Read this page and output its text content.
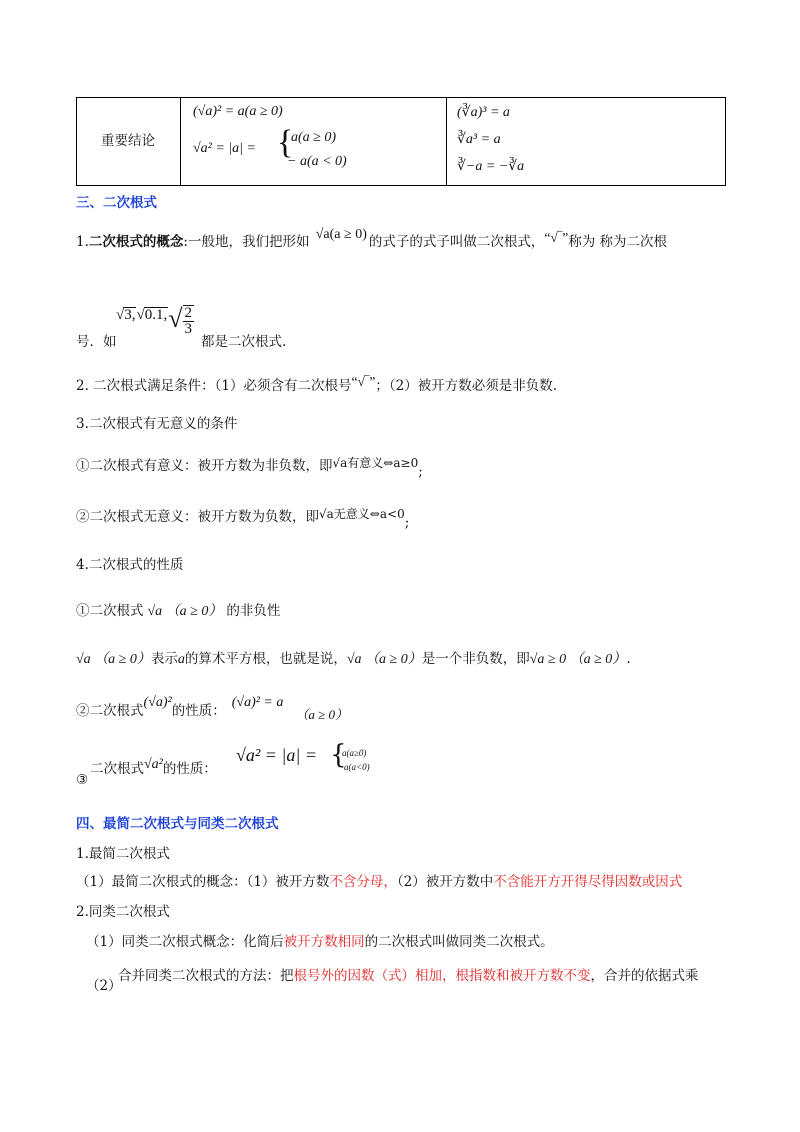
重要结论

(√a)² = a(a ≥ 0)
√a² = |a| = {
a(a ≥ 0)
− a(a < 0)

(∛a)³ = a
∛a³ = a
∛−a = −∛a
三、二次根式
1.二次根式的概念:一般地，我们把形如 √a(a ≥ 0) 的式子的式子叫做二次根式，“√‾”称为 称为二次根
号．如
$√3,√0.1,√ \frac{2}{3}$
都是二次根式.
2. 二次根式满足条件：（1）必须含有二次根号“√‾”；（2）被开方数必须是非负数.
3.二次根式有无意义的条件
①二次根式有意义：被开方数为非负数，即√a有意义⇔a≥0;
②二次根式无意义：被开方数为负数，即√a无意义⇔a<0;
4.二次根式的性质
①二次根式 √a （a ≥ 0） 的非负性
√a （a ≥ 0）表示a的算术平方根，也就是说，√a （a ≥ 0）是一个非负数，即√a ≥ 0 （a ≥ 0）.
②二次根式(√a)²的性质：(√a)² = a（a ≥ 0）
③
二次根式√a²的性质：
√a² = |a| = {
a(a≥0)
a(a<0)
四、最简二次根式与同类二次根式
1.最简二次根式
（1）最简二次根式的概念：（1）被开方数不含分母，（2）被开方数中不含能开方开得尽得因数或因式
2.同类二次根式
（1）同类二次根式概念：化简后被开方数相同的二次根式叫做同类二次根式。
（2）
合并同类二次根式的方法：把根号外的因数（式）相加，根指数和被开方数不变，合并的依据式乘
